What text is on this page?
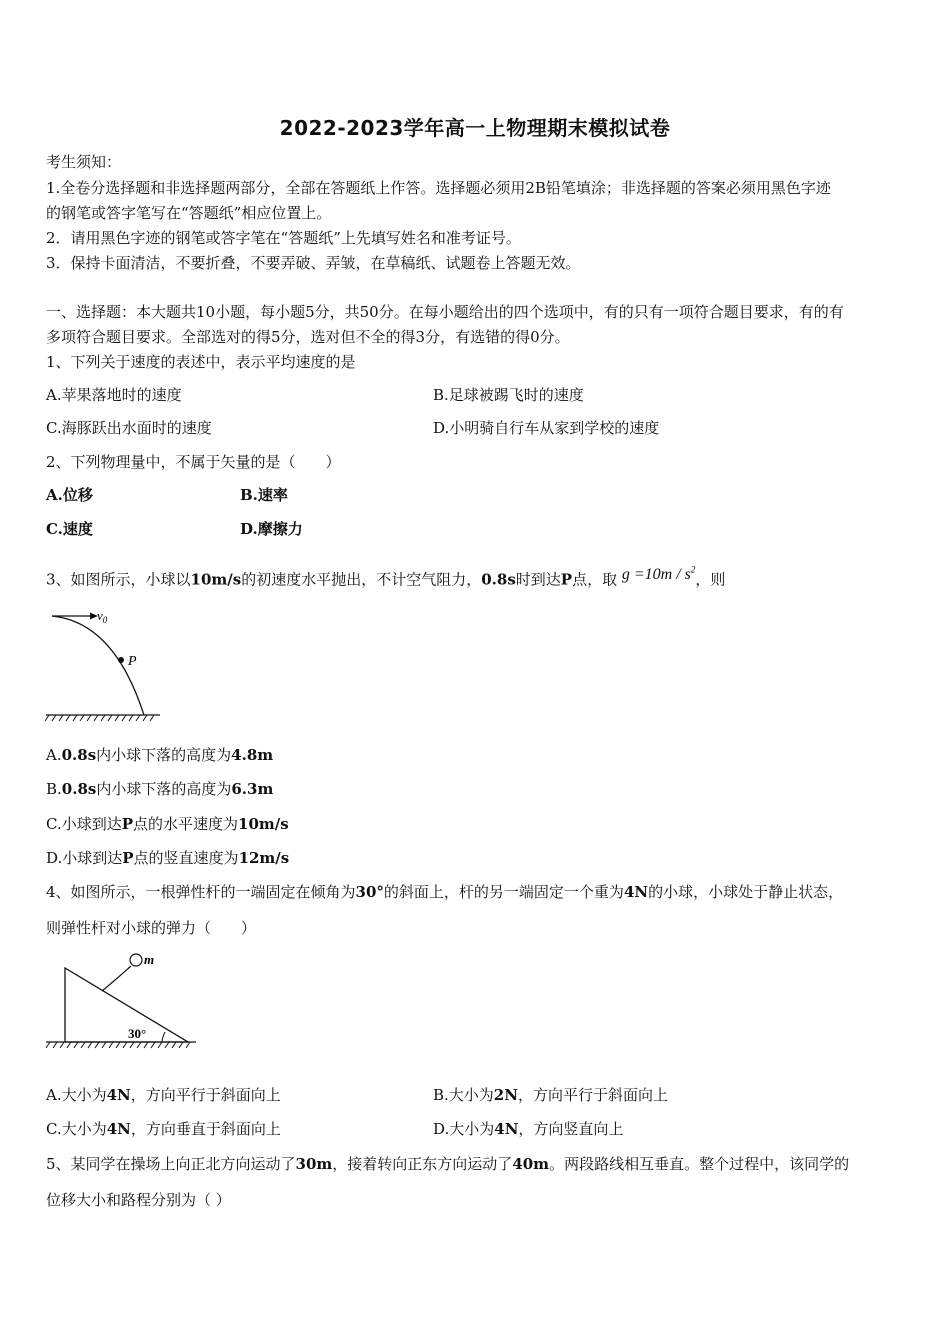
2022-2023学年高一上物理期末模拟试卷
考生须知：
1.全卷分选择题和非选择题两部分，全部在答题纸上作答。选择题必须用2B铅笔填涂；非选择题的答案必须用黑色字迹
的钢笔或答字笔写在“答题纸”相应位置上。
2．请用黑色字迹的钢笔或答字笔在“答题纸”上先填写姓名和准考证号。
3．保持卡面清洁，不要折叠，不要弄破、弄皱，在草稿纸、试题卷上答题无效。
一、选择题：本大题共10小题，每小题5分，共50分。在每小题给出的四个选项中，有的只有一项符合题目要求，有的有
多项符合题目要求。全部选对的得5分，选对但不全的得3分，有选错的得0分。
1、下列关于速度的表述中，表示平均速度的是
A.苹果落地时的速度	B.足球被踢飞时的速度
C.海豚跃出水面时的速度	D.小明骑自行车从家到学校的速度
2、下列物理量中，不属于矢量的是（　　）
A.位移	B.速率
C.速度	D.摩擦力
3、如图所示，小球以10m/s的初速度水平抛出，不计空气阻力，0.8s时到达P点，取 $g =10m / s^2$，则
$v_0$
P
A.0.8s内小球下落的高度为4.8m
B.0.8s内小球下落的高度为6.3m
C.小球到达P点的水平速度为10m/s
D.小球到达P点的竖直速度为12m/s
4、如图所示，一根弹性杆的一端固定在倾角为30°的斜面上，杆的另一端固定一个重为4N的小球，小球处于静止状态，
则弹性杆对小球的弹力（　　）
m
30°
A.大小为4N，方向平行于斜面向上	B.大小为2N，方向平行于斜面向上
C.大小为4N，方向垂直于斜面向上	D.大小为4N，方向竖直向上
5、某同学在操场上向正北方向运动了30m，接着转向正东方向运动了40m。两段路线相互垂直。整个过程中，该同学的
位移大小和路程分别为（ ）
